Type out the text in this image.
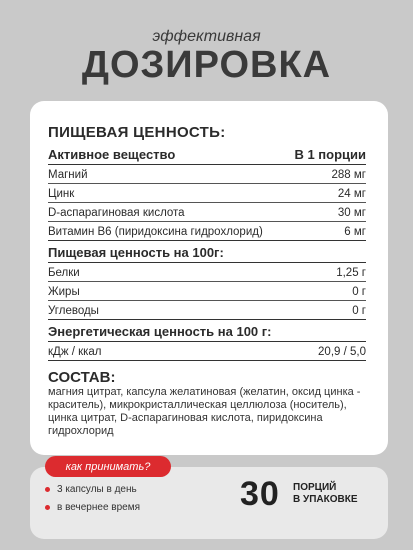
эффективная
ДОЗИРОВКА
ПИЩЕВАЯ ЦЕННОСТЬ:
Активное вещество	В 1 порции
Магний	288 мг
Цинк	24 мг
D-аспарагиновая кислота	30 мг
Витамин В6 (пиридоксина гидрохлорид)	6 мг
Пищевая ценность на 100г:
Белки	1,25 г
Жиры	0 г
Углеводы	0 г
Энергетическая ценность на 100 г:
кДж / ккал	20,9 / 5,0
СОСТАВ:
магния цитрат, капсула желатиновая (желатин, оксид цинка - краситель), микрокристаллическая целлюлоза (носитель), цинка цитрат, D-аспарагиновая кислота, пиридоксина гидрохлорид
как принимать?
3 капсулы в день
в вечернее время	30 ПОРЦИЙ
В УПАКОВКЕ
